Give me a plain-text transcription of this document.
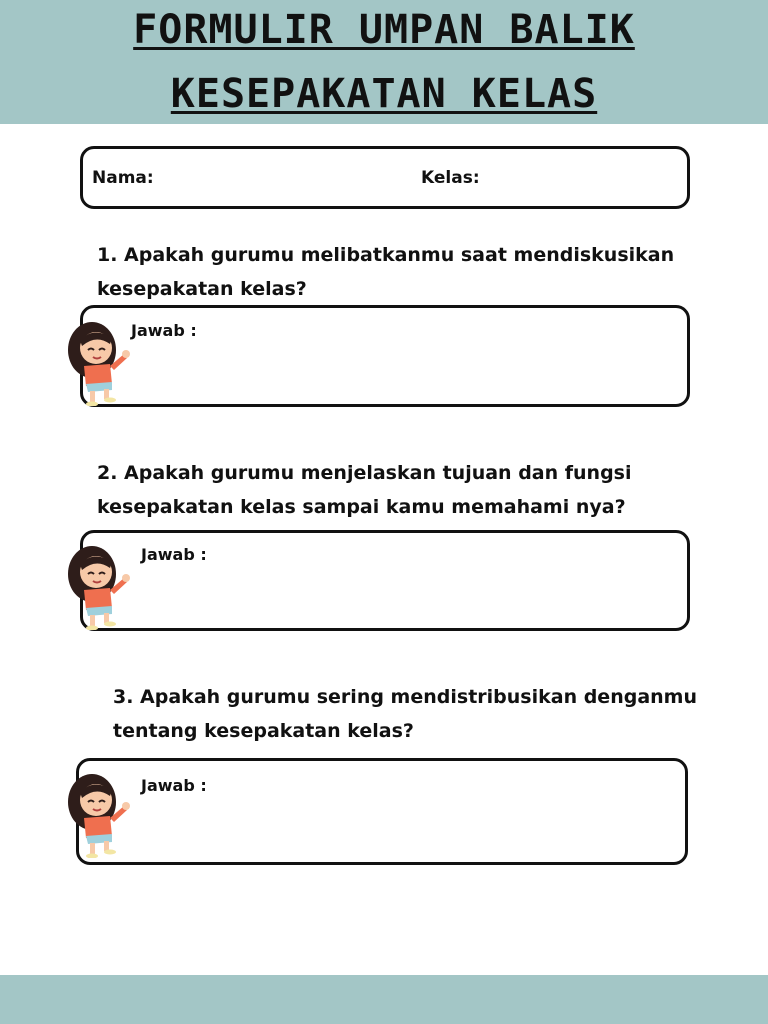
FORMULIR UMPAN BALIK
KESEPAKATAN KELAS
Nama:	Kelas:
1. Apakah gurumu melibatkanmu saat mendiskusikan kesepakatan kelas?
Jawab :
2. Apakah gurumu menjelaskan tujuan dan fungsi kesepakatan kelas sampai kamu memahami nya?
Jawab :
3. Apakah gurumu sering mendistribusikan denganmu tentang kesepakatan kelas?
Jawab :
